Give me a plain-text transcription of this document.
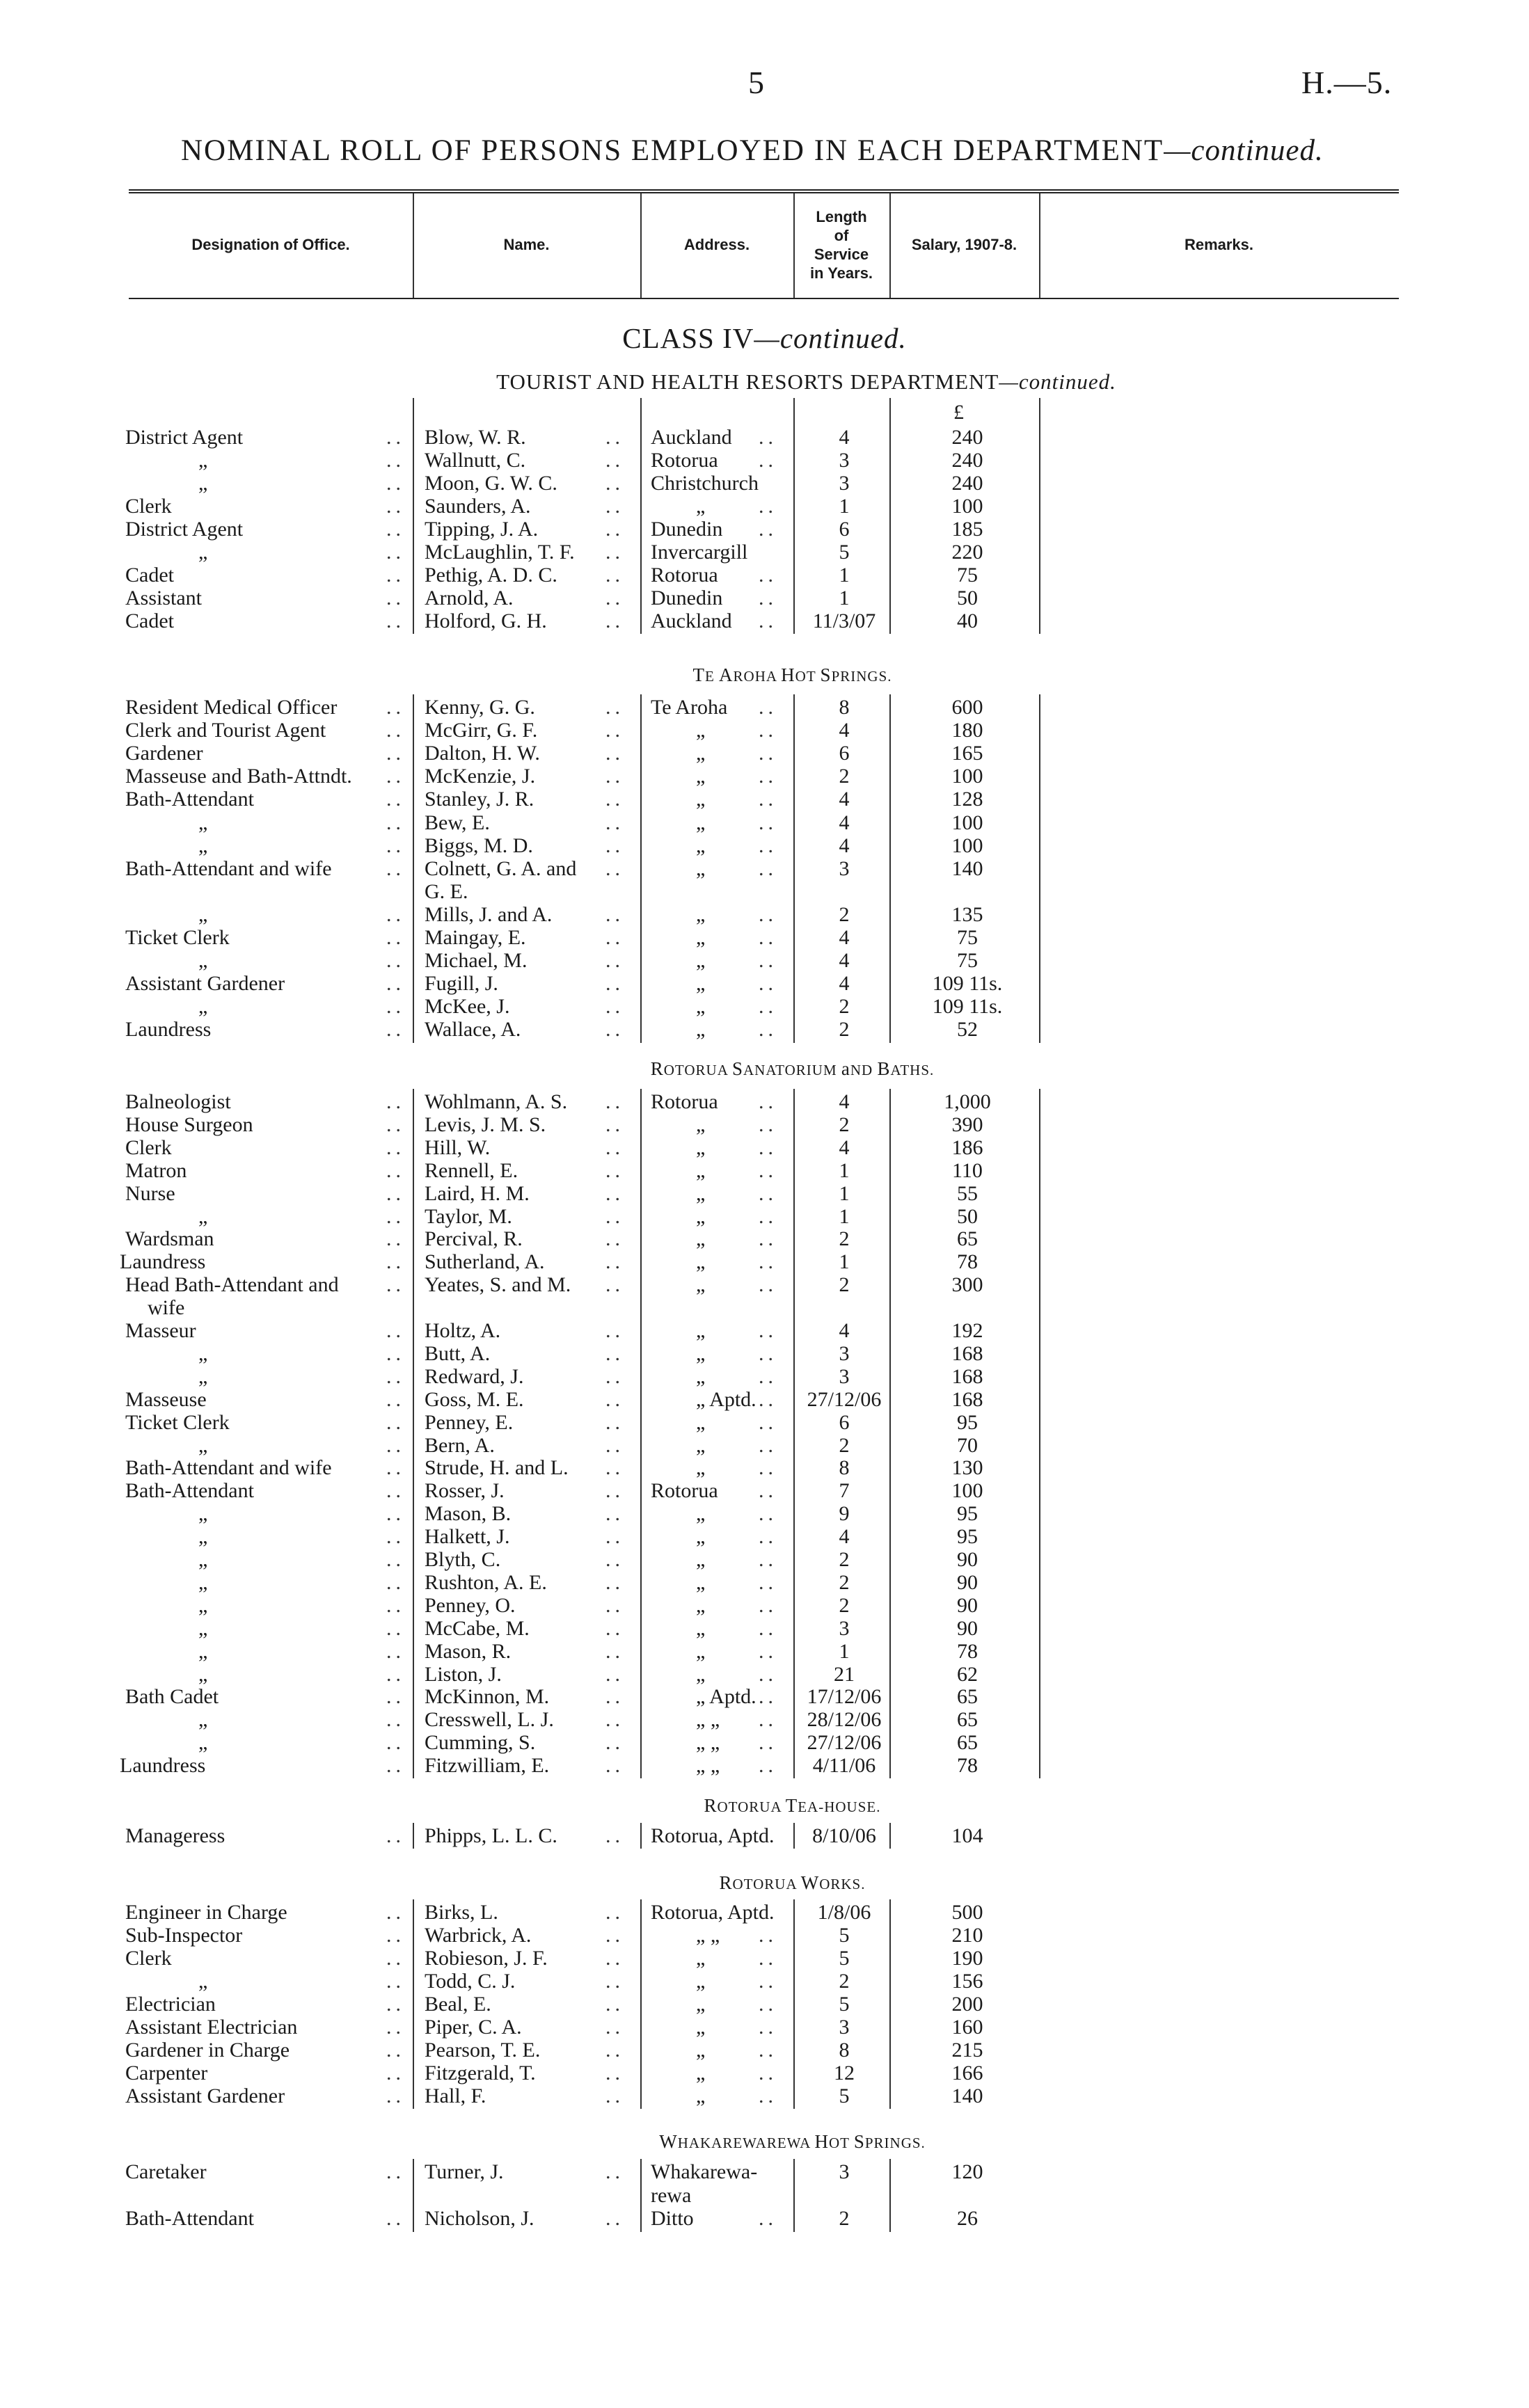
5	H.—5.
NOMINAL ROLL OF PERSONS EMPLOYED IN EACH DEPARTMENT—continued.
Designation of Office.	Name.	Address.
Length
of
Service
in Years.
Salary, 1907-8.	Remarks.
CLASS IV—continued.
TOURIST AND HEALTH RESORTS DEPARTMENT—continued.
£
..	..	..
District Agent	Blow, W. R.	Auckland	4	240
..	..	..
„	Wallnutt, C.	Rotorua	3	240
..	..
„	Moon, G. W. C.	Christchurch	3	240
..	..	..
Clerk	Saunders, A.	„	1	100
..	..	..
District Agent	Tipping, J. A.	Dunedin	6	185
..	..
„	McLaughlin, T. F.	Invercargill	5	220
..	..	..
Cadet	Pethig, A. D. C.	Rotorua	1	75
..	..	..
Assistant	Arnold, A.	Dunedin	1	50
..	..	..
Cadet	Holford, G. H.	Auckland	11/3/07	40
TE AROHA HOT SPRINGS.
..	..	..
Resident Medical Officer	Kenny, G. G.	Te Aroha	8	600
..	..	..
Clerk and Tourist Agent	McGirr, G. F.	„	4	180
..	..	..
Gardener	Dalton, H. W.	„	6	165
..	..	..
Masseuse and Bath-Attndt.	McKenzie, J.	„	2	100
..	..	..
Bath-Attendant	Stanley, J. R.	„	4	128
..	..	..
„	Bew, E.	„	4	100
..	..	..
„	Biggs, M. D.	„	4	100
..	..	..
Bath-Attendant and wife	Colnett, G. A. and	„	3	140
G. E.
..	..	..
„	Mills, J. and A.	„	2	135
..	..	..
Ticket Clerk	Maingay, E.	„	4	75
..	..	..
„	Michael, M.	„	4	75
..	..	..
Assistant Gardener	Fugill, J.	„	4	109 11s.
..	..	..
„	McKee, J.	„	2	109 11s.
..	..	..
Laundress	Wallace, A.	„	2	52
ROTORUA SANATORIUM aND BATHS.
..	..	..
Balneologist	Wohlmann, A. S.	Rotorua	4	1,000
..	..	..
House Surgeon	Levis, J. M. S.	„	2	390
..	..	..
Clerk	Hill, W.	„	4	186
..	..	..
Matron	Rennell, E.	„	1	110
..	..	..
Nurse	Laird, H. M.	„	1	55
..	..	..
„	Taylor, M.	„	1	50
..	..	..
Wardsman	Percival, R.	„	2	65
..	..	..
Laundress	Sutherland, A.	„	1	78
..	..	..
Head Bath-Attendant and	Yeates, S. and M.	„	2	300
wife
..	..	..
Masseur	Holtz, A.	„	4	192
..	..	..
„	Butt, A.	„	3	168
..	..	..
„	Redward, J.	„	3	168
..	..	..
Masseuse	Goss, M. E.	„ Aptd.	27/12/06	168
..	..	..
Ticket Clerk	Penney, E.	„	6	95
..	..	..
„	Bern, A.	„	2	70
..	..	..
Bath-Attendant and wife	Strude, H. and L.	„	8	130
..	..	..
Bath-Attendant	Rosser, J.	Rotorua	7	100
..	..	..
„	Mason, B.	„	9	95
..	..	..
„	Halkett, J.	„	4	95
..	..	..
„	Blyth, C.	„	2	90
..	..	..
„	Rushton, A. E.	„	2	90
..	..	..
„	Penney, O.	„	2	90
..	..	..
„	McCabe, M.	„	3	90
..	..	..
„	Mason, R.	„	1	78
..	..	..
„	Liston, J.	„	21	62
..	..	..
Bath Cadet	McKinnon, M.	„ Aptd.	17/12/06	65
..	..	..
„	Cresswell, L. J.	„ „	28/12/06	65
..	..	..
„	Cumming, S.	„ „	27/12/06	65
..	..	..
Laundress	Fitzwilliam, E.	„ „	4/11/06	78
ROTORUA TEA-HOUSE.
..	..
Manageress	Phipps, L. L. C.	Rotorua, Aptd.	8/10/06	104
ROTORUA WORKS.
..	..
Engineer in Charge	Birks, L.	Rotorua, Aptd.	1/8/06	500
..	..	..
Sub-Inspector	Warbrick, A.	„ „	5	210
..	..	..
Clerk	Robieson, J. F.	„	5	190
..	..	..
„	Todd, C. J.	„	2	156
..	..	..
Electrician	Beal, E.	„	5	200
..	..	..
Assistant Electrician	Piper, C. A.	„	3	160
..	..	..
Gardener in Charge	Pearson, T. E.	„	8	215
..	..	..
Carpenter	Fitzgerald, T.	„	12	166
..	..	..
Assistant Gardener	Hall, F.	„	5	140
WHAKAREWAREWA HOT SPRINGS.
..	..
Caretaker	Turner, J.	Whakarewa-	3	120
rewa
..	..	..
Bath-Attendant	Nicholson, J.	Ditto	2	26
